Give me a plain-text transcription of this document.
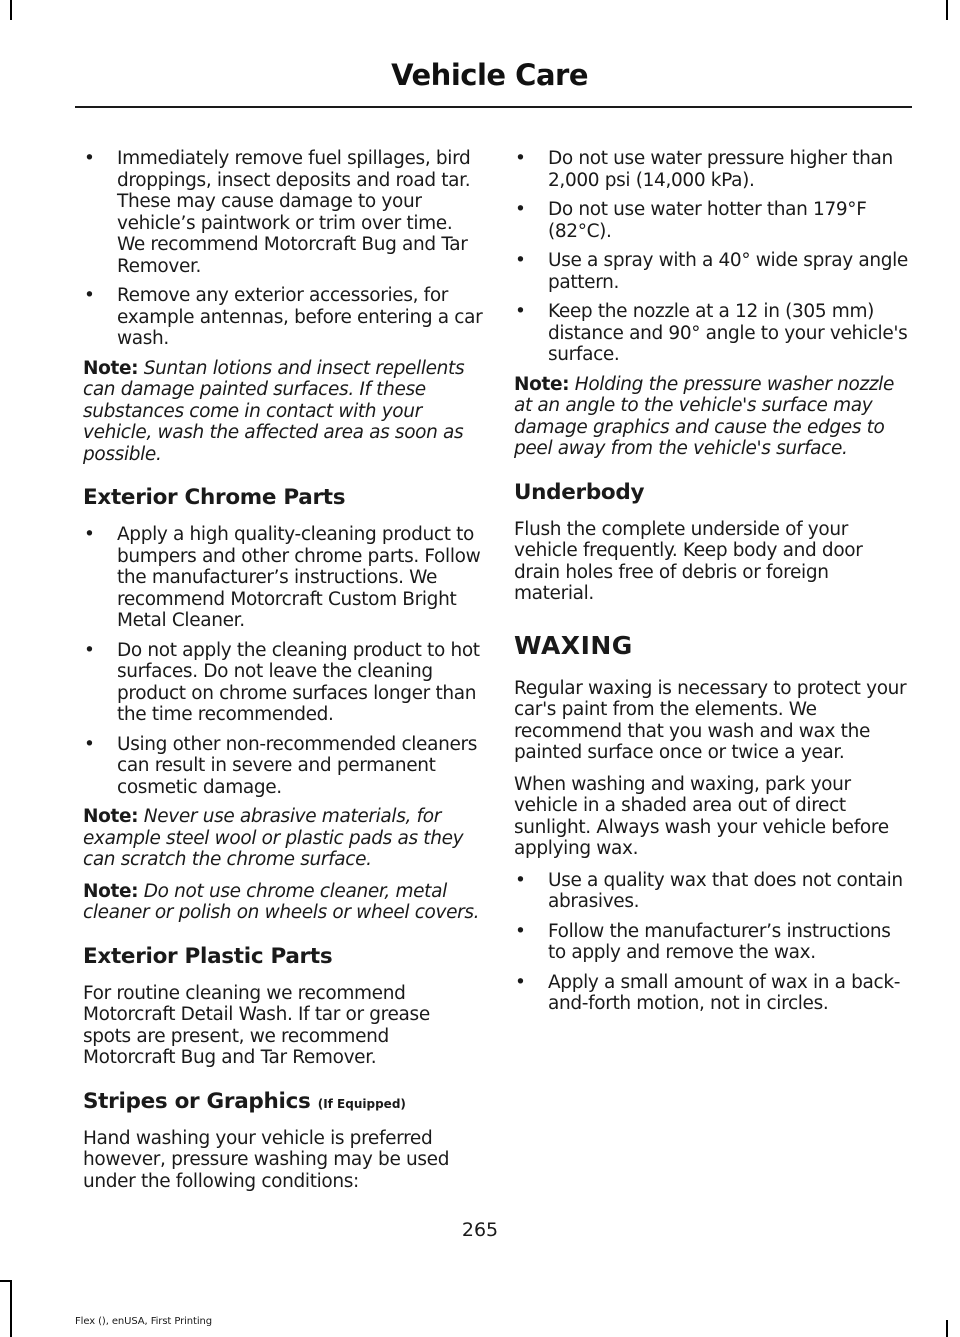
Vehicle Care
• Immediately remove fuel spillages, bird droppings, insect deposits and road tar. These may cause damage to your vehicle’s paintwork or trim over time. We recommend Motorcraft Bug and Tar Remover.
• Remove any exterior accessories, for example antennas, before entering a car wash.
Note: Suntan lotions and insect repellents can damage painted surfaces. If these substances come in contact with your vehicle, wash the affected area as soon as possible.
Exterior Chrome Parts
• Apply a high quality-cleaning product to bumpers and other chrome parts. Follow the manufacturer’s instructions. We recommend Motorcraft Custom Bright Metal Cleaner.
• Do not apply the cleaning product to hot surfaces. Do not leave the cleaning product on chrome surfaces longer than the time recommended.
• Using other non-recommended cleaners can result in severe and permanent cosmetic damage.
Note: Never use abrasive materials, for example steel wool or plastic pads as they can scratch the chrome surface.
Note: Do not use chrome cleaner, metal cleaner or polish on wheels or wheel covers.
Exterior Plastic Parts
For routine cleaning we recommend Motorcraft Detail Wash. If tar or grease spots are present, we recommend Motorcraft Bug and Tar Remover.
Stripes or Graphics (If Equipped)
Hand washing your vehicle is preferred however, pressure washing may be used under the following conditions:
• Do not use water pressure higher than 2,000 psi (14,000 kPa).
• Do not use water hotter than 179°F (82°C).
• Use a spray with a 40° wide spray angle pattern.
• Keep the nozzle at a 12 in (305 mm) distance and 90° angle to your vehicle's surface.
Note: Holding the pressure washer nozzle at an angle to the vehicle's surface may damage graphics and cause the edges to peel away from the vehicle's surface.
Underbody
Flush the complete underside of your vehicle frequently. Keep body and door drain holes free of debris or foreign material.
WAXING
Regular waxing is necessary to protect your car's paint from the elements. We recommend that you wash and wax the painted surface once or twice a year.
When washing and waxing, park your vehicle in a shaded area out of direct sunlight. Always wash your vehicle before applying wax.
• Use a quality wax that does not contain abrasives.
• Follow the manufacturer’s instructions to apply and remove the wax.
• Apply a small amount of wax in a back-and-forth motion, not in circles.
265
Flex (), enUSA, First Printing
